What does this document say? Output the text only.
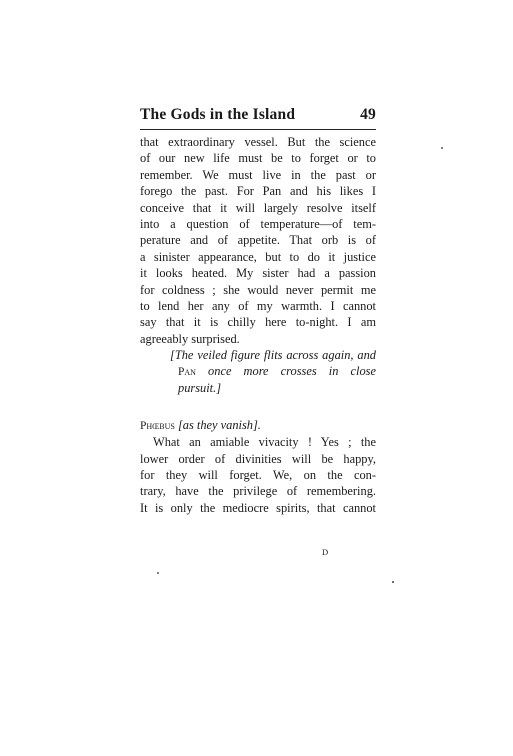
The Gods in the Island	49
that extraordinary vessel. But the science
of our new life must be to forget or to
remember. We must live in the past or
forego the past. For Pan and his likes I
conceive that it will largely resolve itself
into a question of temperature—of tem-
perature and of appetite. That orb is of
a sinister appearance, but to do it justice
it looks heated. My sister had a passion
for coldness ; she would never permit me
to lend her any of my warmth. I cannot
say that it is chilly here to-night. I am
agreeably surprised.
[The veiled figure flits across again, and
Pan once more crosses in close
pursuit.]
Phœbus [as they vanish].
What an amiable vivacity ! Yes ; the
lower order of divinities will be happy,
for they will forget. We, on the con-
trary, have the privilege of remembering.
It is only the mediocre spirits, that cannot
D
